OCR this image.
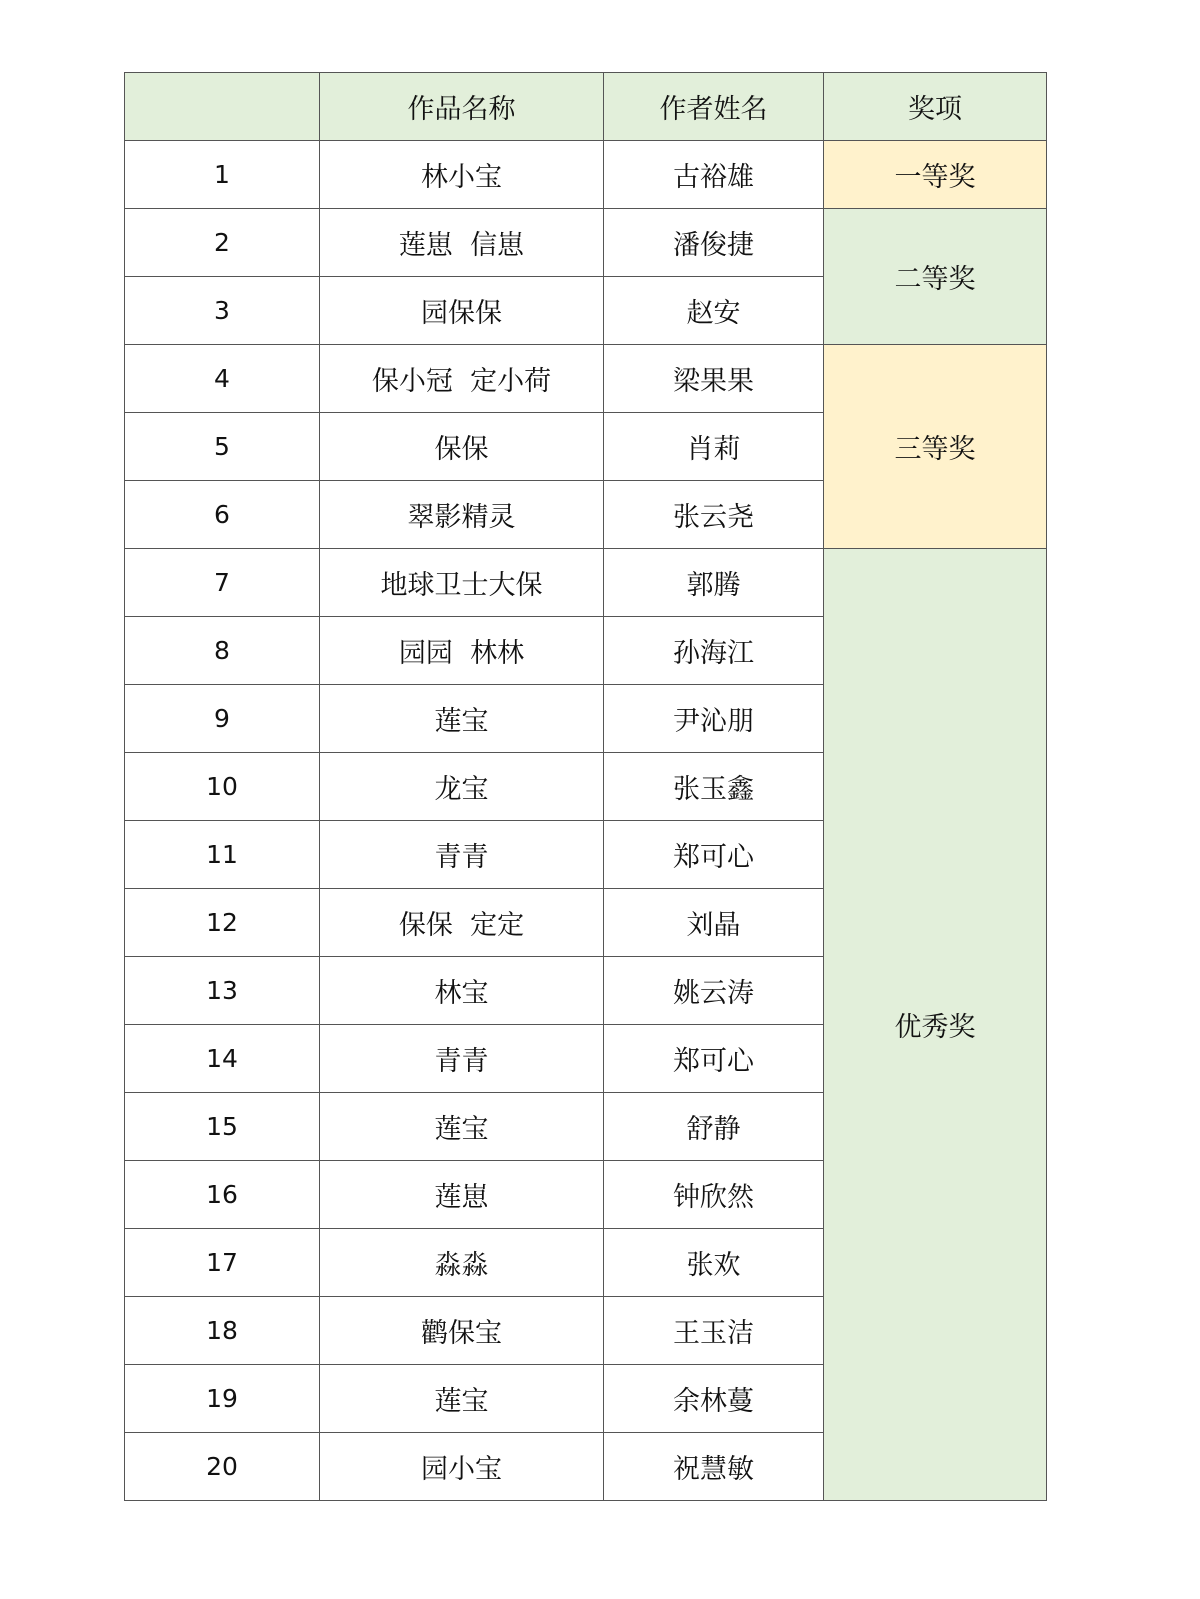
	作品名称	作者姓名	奖项
1	林小宝	古裕雄	一等奖
2	莲崽  信崽	潘俊捷	二等奖
3	园保保	赵安	
4	保小冠  定小荷	梁果果	三等奖
5	保保	肖莉	
6	翠影精灵	张云尧	
7	地球卫士大保	郭腾	优秀奖
8	园园  林林	孙海江	
9	莲宝	尹沁朋	
10	龙宝	张玉鑫	
11	青青	郑可心	
12	保保  定定	刘晶	
13	林宝	姚云涛	
14	青青	郑可心	
15	莲宝	舒静	
16	莲崽	钟欣然	
17	淼淼	张欢	
18	鹳保宝	王玉洁	
19	莲宝	余林蔓	
20	园小宝	祝慧敏	
